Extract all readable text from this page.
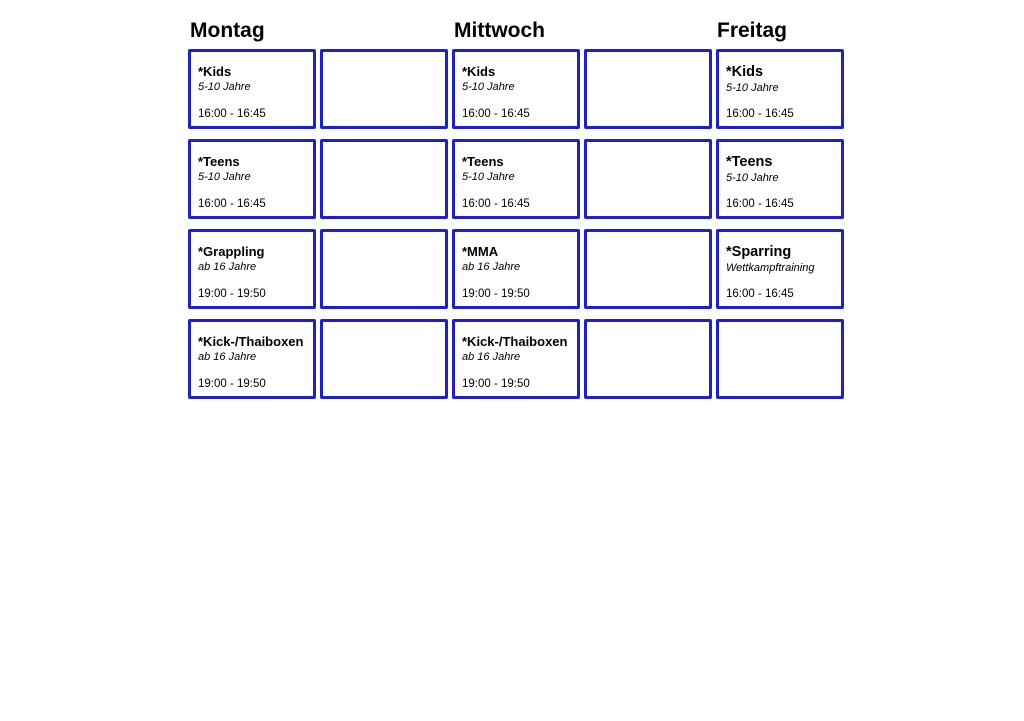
Montag	Mittwoch	Freitag
*Kids
5-10 Jahre
16:00 - 16:45
*Kids
5-10 Jahre
16:00 - 16:45
*Kids
5-10 Jahre
16:00 - 16:45
*Teens
5-10 Jahre
16:00 - 16:45
*Teens
5-10 Jahre
16:00 - 16:45
*Teens
5-10 Jahre
16:00 - 16:45
*Grappling
ab 16 Jahre
19:00 - 19:50
*MMA
ab 16 Jahre
19:00 - 19:50
*Sparring
Wettkampftraining
16:00 - 16:45
*Kick-/Thaiboxen
ab 16 Jahre
19:00 - 19:50
*Kick-/Thaiboxen
ab 16 Jahre
19:00 - 19:50
